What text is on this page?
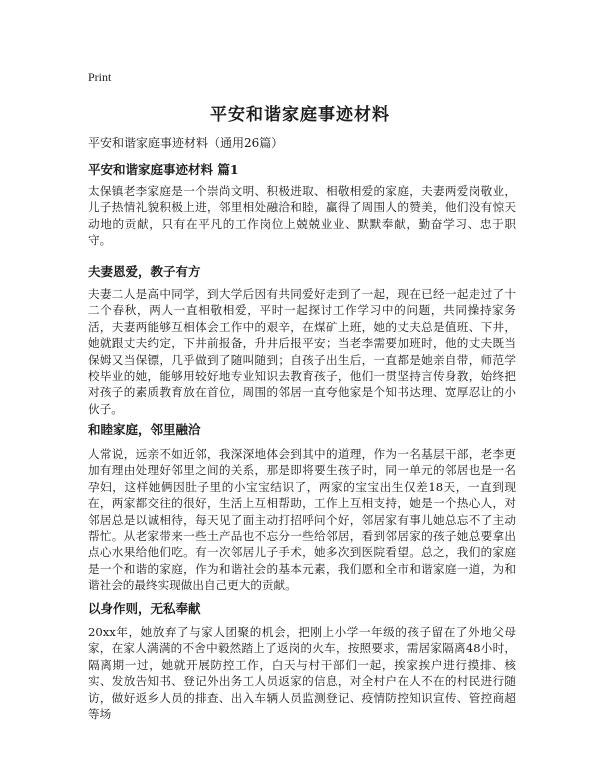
Print
平安和谐家庭事迹材料
平安和谐家庭事迹材料（通用26篇）
平安和谐家庭事迹材料 篇1

太保镇老李家庭是一个崇尚文明、积极进取、相敬相爱的家庭，夫妻两爱岗敬业，儿子热情礼貌积极上进，邻里相处融洽和睦，赢得了周围人的赞美，他们没有惊天动地的贡献，只有在平凡的工作岗位上兢兢业业、默默奉献，勤奋学习、忠于职守。

夫妻恩爱，教子有方

夫妻二人是高中同学，到大学后因有共同爱好走到了一起，现在已经一起走过了十二个春秋，两人一直相敬相爱，平时一起探讨工作学习中的问题，共同操持家务活，夫妻两能够互相体会工作中的艰辛，在煤矿上班，她的丈夫总是值班、下井，她就跟丈夫约定，下井前报备，升井后报平安；当老李需要加班时，他的丈夫既当保姆又当保镖，几乎做到了随叫随到；自孩子出生后，一直都是她亲自带，师范学校毕业的她，能够用较好地专业知识去教育孩子，他们一贯坚持言传身教，始终把对孩子的素质教育放在首位，周围的邻居一直夸他家是个知书达理、宽厚忍让的小伙子。

和睦家庭，邻里融洽

人常说，远亲不如近邻，我深深地体会到其中的道理，作为一名基层干部，老李更加有理由处理好邻里之间的关系，那是即将要生孩子时，同一单元的邻居也是一名孕妇，这样她俩因肚子里的小宝宝结识了，两家的宝宝出生仅差18天，一直到现在，两家都交往的很好，生活上互相帮助，工作上互相支持，她是一个热心人，对邻居总是以诚相待，每天见了面主动打招呼问个好，邻居家有事儿她总忘不了主动帮忙。从老家带来一些土产品也不忘分一些给邻居，看到邻居家的孩子她总要拿出点心水果给他们吃。有一次邻居儿子手术，她多次到医院看望。总之，我们的家庭是一个和谐的家庭，作为和谐社会的基本元素，我们愿和全市和谐家庭一道，为和谐社会的最终实现做出自己更大的贡献。

以身作则，无私奉献

20xx年，她放弃了与家人团聚的机会，把刚上小学一年级的孩子留在了外地父母家，在家人满满的不舍中毅然踏上了返岗的火车，按照要求，需居家隔离48小时，隔离期一过，她就开展防控工作，白天与村干部们一起，挨家挨户进行摸排、核实、发放告知书、登记外出务工人员返家的信息，对全村户在人不在的村民进行随访，做好返乡人员的排查、出入车辆人员监测登记、疫情防控知识宣传、管控商超等场
